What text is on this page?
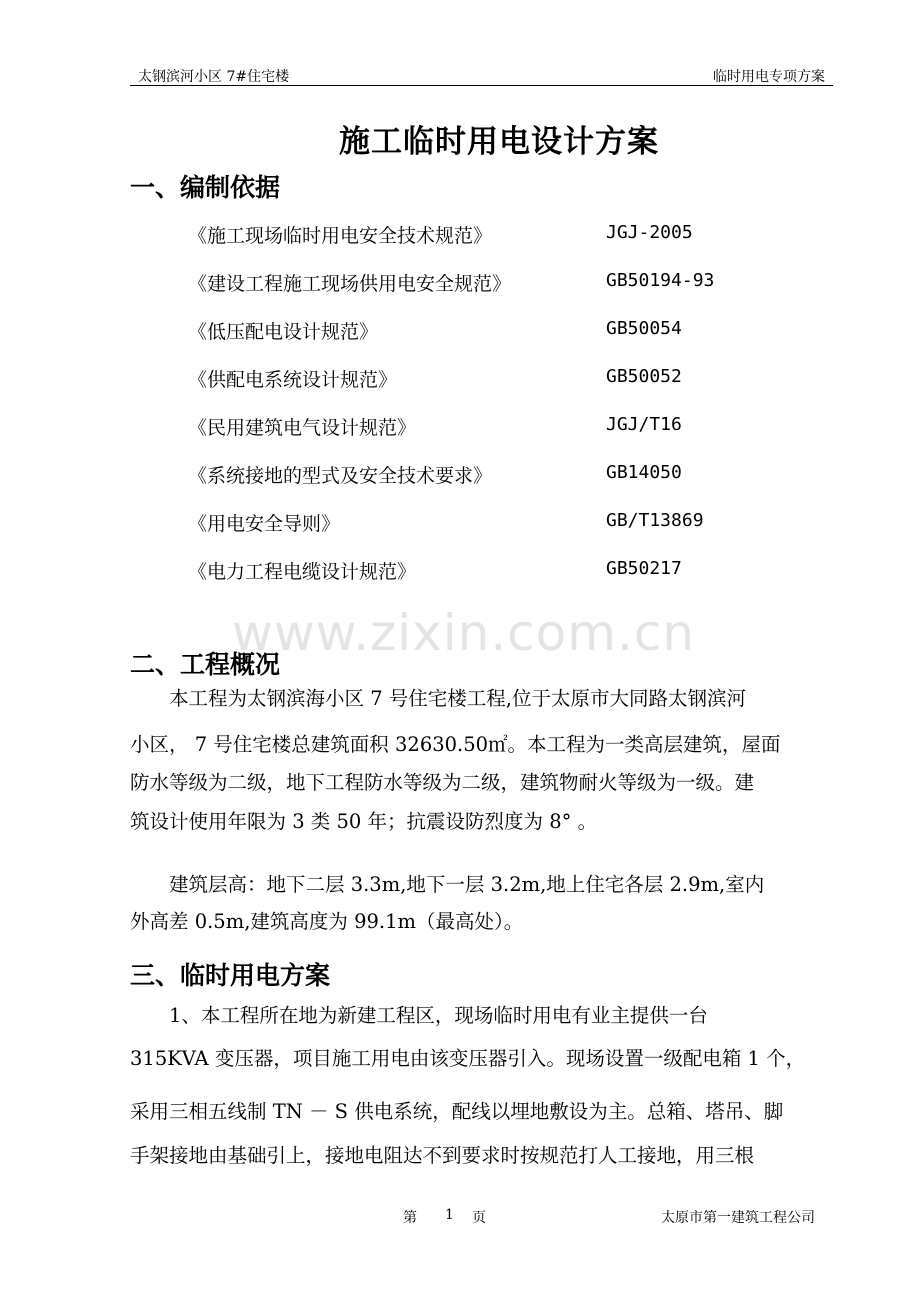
太钢滨河小区 7#住宅楼	临时用电专项方案
施工临时用电设计方案
一、编制依据
《施工现场临时用电安全技术规范》	JGJ-2005
《建设工程施工现场供用电安全规范》	GB50194-93
《低压配电设计规范》	GB50054
《供配电系统设计规范》	GB50052
《民用建筑电气设计规范》	JGJ/T16
《系统接地的型式及安全技术要求》	GB14050
《用电安全导则》	GB/T13869
《电力工程电缆设计规范》	GB50217
www.zixin.com.cn
二、工程概况
　　本工程为太钢滨海小区 7 号住宅楼工程,位于太原市大同路太钢滨河
小区， 7 号住宅楼总建筑面积 32630.50㎡。本工程为一类高层建筑，屋面
防水等级为二级，地下工程防水等级为二级，建筑物耐火等级为一级。建
筑设计使用年限为 3 类 50 年；抗震设防烈度为 8° 。
　　建筑层高：地下二层 3.3m,地下一层 3.2m,地上住宅各层 2.9m,室内
外高差 0.5m,建筑高度为 99.1m（最高处）。
三、临时用电方案
　　1、本工程所在地为新建工程区，现场临时用电有业主提供一台
315KVA 变压器，项目施工用电由该变压器引入。现场设置一级配电箱 1 个，
采用三相五线制 TN － S 供电系统，配线以埋地敷设为主。总箱、塔吊、脚
手架接地由基础引上，接地电阻达不到要求时按规范打人工接地，用三根
第 1 页	太原市第一建筑工程公司
